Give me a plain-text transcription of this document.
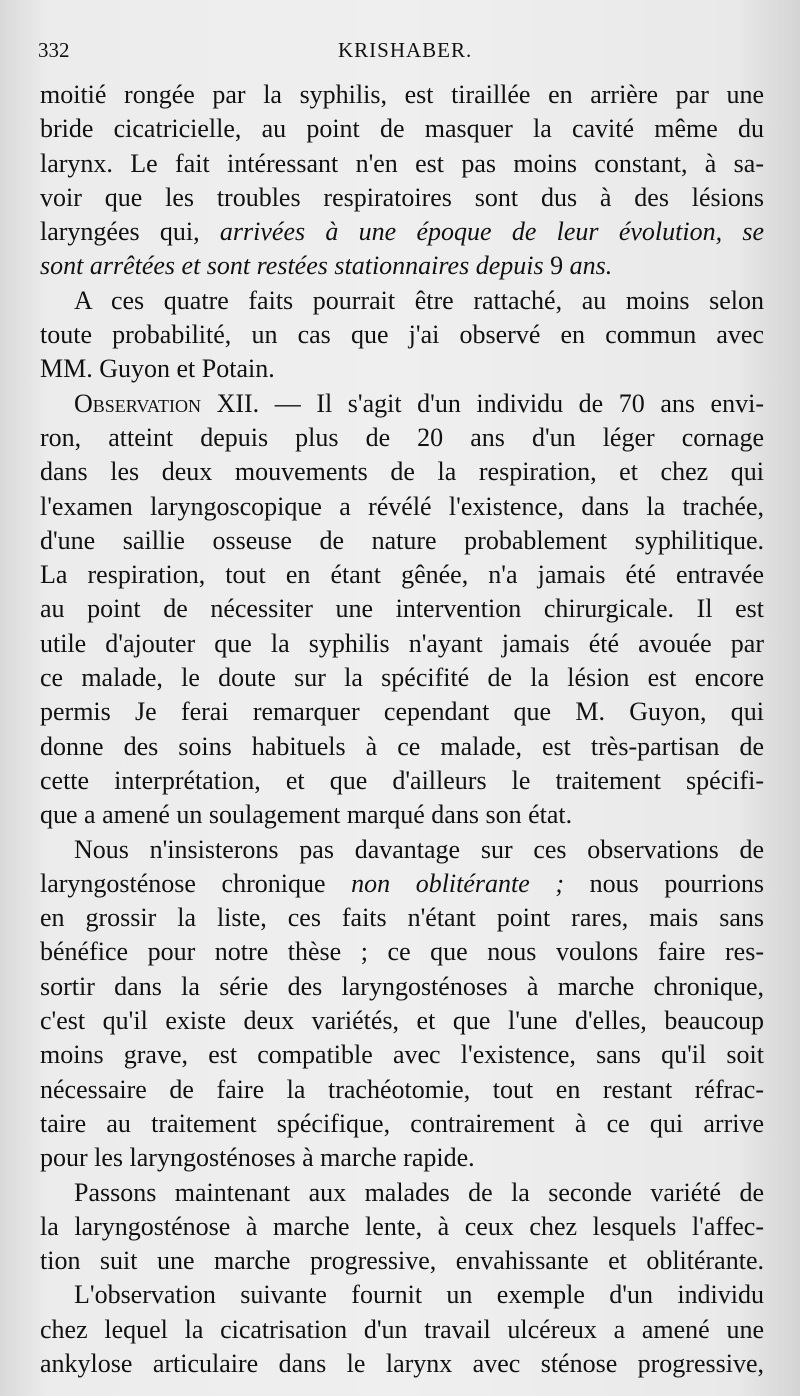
332	KRISHABER.
moitié rongée par la syphilis, est tiraillée en arrière par une
bride cicatricielle, au point de masquer la cavité même du
larynx. Le fait intéressant n'en est pas moins constant, à sa-
voir que les troubles respiratoires sont dus à des lésions
laryngées qui, arrivées à une époque de leur évolution, se
sont arrêtées et sont restées stationnaires depuis 9 ans.
A ces quatre faits pourrait être rattaché, au moins selon
toute probabilité, un cas que j'ai observé en commun avec
MM. Guyon et Potain.
Observation XII. — Il s'agit d'un individu de 70 ans envi-
ron, atteint depuis plus de 20 ans d'un léger cornage
dans les deux mouvements de la respiration, et chez qui
l'examen laryngoscopique a révélé l'existence, dans la trachée,
d'une saillie osseuse de nature probablement syphilitique.
La respiration, tout en étant gênée, n'a jamais été entravée
au point de nécessiter une intervention chirurgicale. Il est
utile d'ajouter que la syphilis n'ayant jamais été avouée par
ce malade, le doute sur la spécifité de la lésion est encore
permis Je ferai remarquer cependant que M. Guyon, qui
donne des soins habituels à ce malade, est très-partisan de
cette interprétation, et que d'ailleurs le traitement spécifi-
que a amené un soulagement marqué dans son état.
Nous n'insisterons pas davantage sur ces observations de
laryngosténose chronique non oblitérante ; nous pourrions
en grossir la liste, ces faits n'étant point rares, mais sans
bénéfice pour notre thèse ; ce que nous voulons faire res-
sortir dans la série des laryngosténoses à marche chronique,
c'est qu'il existe deux variétés, et que l'une d'elles, beaucoup
moins grave, est compatible avec l'existence, sans qu'il soit
nécessaire de faire la trachéotomie, tout en restant réfrac-
taire au traitement spécifique, contrairement à ce qui arrive
pour les laryngosténoses à marche rapide.
Passons maintenant aux malades de la seconde variété de
la laryngosténose à marche lente, à ceux chez lesquels l'affec-
tion suit une marche progressive, envahissante et oblitérante.
L'observation suivante fournit un exemple d'un individu
chez lequel la cicatrisation d'un travail ulcéreux a amené une
ankylose articulaire dans le larynx avec sténose progressive,
